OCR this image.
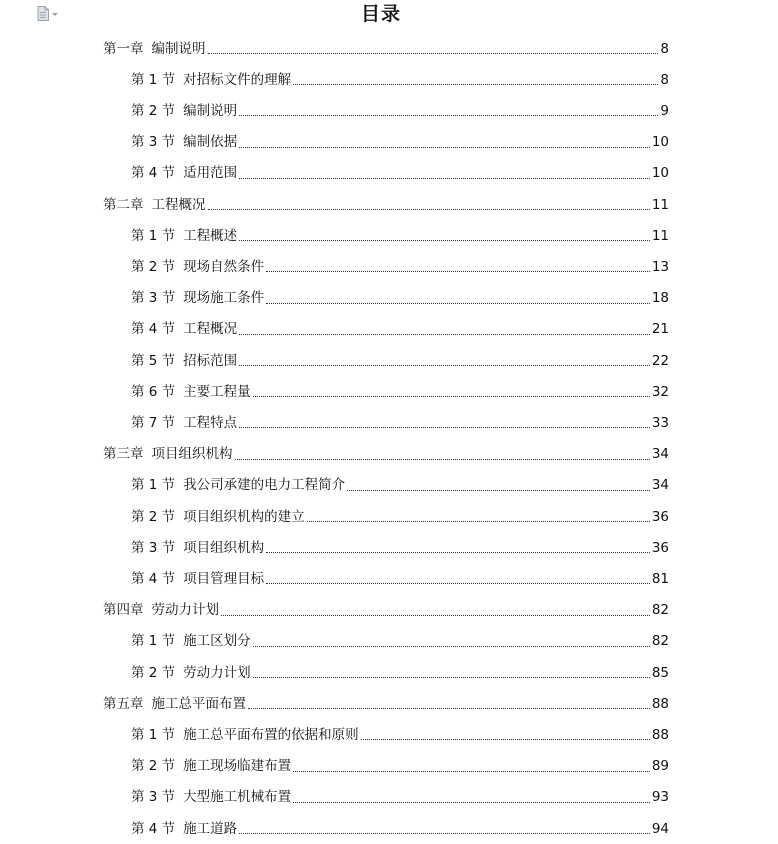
目录
第一章 编制说明	8
第 1 节 对招标文件的理解	8
第 2 节 编制说明	9
第 3 节 编制依据	10
第 4 节 适用范围	10
第二章 工程概况	11
第 1 节 工程概述	11
第 2 节 现场自然条件	13
第 3 节 现场施工条件	18
第 4 节 工程概况	21
第 5 节 招标范围	22
第 6 节 主要工程量	32
第 7 节 工程特点	33
第三章 项目组织机构	34
第 1 节 我公司承建的电力工程简介	34
第 2 节 项目组织机构的建立	36
第 3 节 项目组织机构	36
第 4 节 项目管理目标	81
第四章 劳动力计划	82
第 1 节 施工区划分	82
第 2 节 劳动力计划	85
第五章 施工总平面布置	88
第 1 节 施工总平面布置的依据和原则	88
第 2 节 施工现场临建布置	89
第 3 节 大型施工机械布置	93
第 4 节 施工道路	94
